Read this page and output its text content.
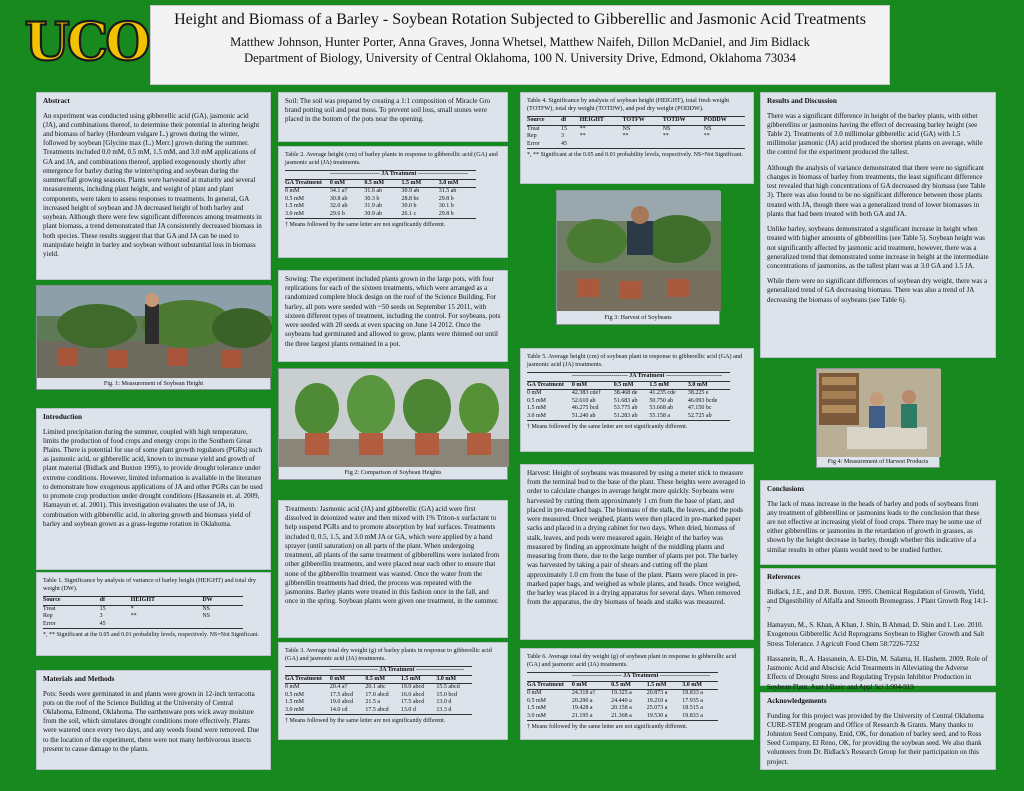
UCO	Height and Biomass of a Barley - Soybean Rotation Subjected to Gibberellic and Jasmonic Acid Treatments
Matthew Johnson, Hunter Porter, Anna Graves, Jonna Whetsel, Matthew Naifeh, Dillon McDaniel, and Jim Bidlack
Department of Biology, University of Central Oklahoma, 100 N. University Drive, Edmond, Oklahoma 73034
Abstract

An experiment was conducted using gibberellic acid (GA), jasmonic acid (JA), and combinations thereof, to determine their potential in altering height and biomass of barley (Hordeum vulgare L.) grown during the winter, followed by soybean [Glycine max (L.) Merr.] grown during the summer. Treatments included 0.0 mM, 0.5 mM, 1.5 mM, and 3.0 mM applications of GA and JA, and combinations thereof, applied exogenously shortly after emergence for barley during the winter/spring and soybean during the summer/fall growing seasons. Plants were harvested at maturity and several measurements, including plant height, and weight of plant and plant components, were taken to assess responses to treatments. In general, GA increased height of soybean and JA decreased height of both barley and soybean. Although there were few significant differences among treatments in plant biomass, a trend demonstrated that JA consistently decreased biomass in both species. These results suggest that that GA and JA can be used to manipulate height in barley and soybean without substantial loss in biomass yield.

Fig. 1: Measurement of Soybean Height
Introduction

Limited precipitation during the summer, coupled with high temperature, limits the production of food crops and energy crops in the Southern Great Plains. There is potential for use of some plant growth regulators (PGRs) such as jasmonic acid, or gibberellic acid, known to increase yield and growth of plant material (Bidlack and Buxton 1995), to provide drought tolerance under extreme conditions. However, limited information is available in the literature to demonstrate how exogenous applications of JA and other PGRs can be used to promote crop production under drought conditions (Hassanein et. al. 2009, Hamayun et. al. 2001). This investigation evaluates the use of JA, in combination with gibberellic acid, in altering growth and biomass yield of barley and soybean grown as a grass-legume rotation in Oklahoma.

Table 1. Significance by analysis of variance of barley height (HEIGHT) and total dry weight (DW).
Source	df	HEIGHT	DW
Treat	15	*	NS
Rep	3	**	NS
Error	45		
*, ** Significant at the 0.05 and 0.01 probability levels, respectively. NS=Not Significant.
Materials and Methods

Pots: Seeds were germinated in and plants were grown in 12-inch terracotta pots on the roof of the Science Building at the University of Central Oklahoma, Edmond, Oklahoma. The earthenware pots wick away moisture from the soil, which simulates drought conditions more effectively. Plants were watered once every two days, and any weeds found were removed. Due to the location of the experiment, there were not many herbivorous insects present to cause damage to the plants.

Soil: The soil was prepared by creating a 1:1 composition of Miracle Gro brand potting soil and peat moss. To prevent soil loss, small stones were placed in the bottom of the pots near the opening.

Table 2. Average height (cm) of barley plants in response to gibberellic acid (GA) and jasmonic acid (JA) treatments.
	------------------------- JA Treatment -------------------------			
GA Treatment	0 mM	0.5 mM	1.5 mM	3.0 mM
0 mM	34.1 a†	31.6 ab	30.9 ab	31.5 ab
0.5 mM	30.8 ab	30.3 b	28.8 bc	29.8 b
1.5 mM	32.0 ab	31.9 ab	30.0 b	30.1 b
3.0 mM	29.6 b	30.9 ab	26.1 c	29.8 b
† Means followed by the same letter are not significantly different.

Sowing: The experiment included plants grown in the large pots, with four replications for each of the sixteen treatments, which were arranged as a randomized complete block design on the roof of the Science Building. For barley, all pots were seeded with ~50 seeds on September 15 2011, with sixteen different types of treatment, including the control. For soybeans, pots were seeded with 20 seeds at even spacing on June 14 2012. Once the soybeans had germinated and allowed to grow, plants were thinned out until the three largest plants remained in a pot.

Fig 2: Comparison of Soybean Heights

Treatments: Jasmonic acid (JA) and gibberellic (GA) acid were first dissolved in deionized water and then mixed with 1% Triton-x surfactant to help suspend PGRs and to promote absorption by leaf surfaces. Treatments included 0, 0.5, 1.5, and 3.0 mM JA or GA, which were applied by a hand sprayer (until saturation) on all parts of the plant. When undergoing treatment, all plants of the same treatment of gibberellins were isolated from other gibberellin treatments, and were placed near each other to ensure that none of the gibberellin treatment was wasted. Once the water from the gibberellin treatments had dried, the process was repeated with the jasmonins. Barley plants were treated in this fashion once in the fall, and once in the spring. Soybean plants were given one treatment, in the summer.

Table 3. Average total dry weight (g) of barley plants in response to gibberellic acid (GA) and jasmonic acid (JA) treatments.
	------------------------ JA Treatment ------------------------			
GA Treatment	0 mM	0.5 mM	1.5 mM	3.0 mM
0 mM	20.4 a†	20.1 abc	19.0 abcd	15.5 abcd
0.5 mM	17.5 abcd	17.0 abcd	16.0 abcd	15.0 bcd
1.5 mM	19.0 abcd	21.5 a	17.5 abcd	13.0 d
3.0 mM	14.0 cd	17.5 abcd	13.0 d	13.3 d
† Means followed by the same letter are not significantly different.
Table 4. Significance by analysis of soybean height (HEIGHT), total fresh weight (TOTFW), total dry weight (TOTDW), and pod dry weight (PODDW).
Source	df	HEIGHT	TOTFW	TOTDW	PODDW
Treat	15	**	NS	NS	NS
Rep	3	**	**	**	**
Error	45				
*, ** Significant at the 0.05 and 0.01 probability levels, respectively. NS=Not Significant.
Fig 3: Harvest of Soybeans
Table 5. Average height (cm) of soybean plant in response to gibberellic acid (GA) and jasmonic acid (JA) treatments.
	---------------------------- JA Treatment ----------------------------			
GA Treatment	0 mM	0.5 mM	1.5 mM	3.0 mM
0 mM	42.383 cde†	38.468 de	41.235 cde	38.225 e
0.5 mM	52.610 ab	51.683 ab	50.750 ab	46.093 bcde
1.5 mM	46.275 bcd	53.775 ab	53.668 ab	47.150 bc
3.0 mM	51.240 ab	51.283 ab	55.158 a	52.725 ab
† Means followed by the same letter are not significantly different.

Harvest: Height of soybeans was measured by using a meter stick to measure from the terminal bud to the base of the plant. These heights were averaged in order to calculate changes in average height more quickly. Soybeans were harvested by cutting them approximately 1 cm from the base of plant, and placed in pre-marked bags. The biomass of the stalk, the leaves, and the pods were measured. Once weighed, plants were then placed in pre-marked paper sacks and placed in a drying cabinet for two days. When dried, biomass of stalk, leaves, and pods were measured again. Height of the barley was measured by finding an approximate height of the middling plants and measuring from there, due to the large number of plants per pot. The barley was harvested by taking a pair of shears and cutting off the plant approximately 1.0 cm from the base of the plant. Plants were placed in pre-marked paper bags, and weighed as whole plants, and heads. Once weighed, the barley was placed in a drying apparatus for several days. When removed from the apparatus, the dry biomass of heads and stalks was measured.

Table 6. Average total dry weight (g) of soybean plant in response to gibberellic acid (GA) and jasmonic acid (JA) treatments.
	------------------------- JA Treatment -------------------------			
GA Treatment	0 mM	0.5 mM	1.5 mM	3.0 mM
0 mM	24.318 a†	19.325 a	20.873 a	19.833 a
0.5 mM	20.290 a	24.440 a	19.210 a	17.935 a
1.5 mM	19.428 a	20.158 a	25.073 a	18.515 a
3.0 mM	21.195 a	21.368 a	19.530 a	19.833 a
† Means followed by the same letter are not significantly different.
Results and Discussion

There was a significant difference in height of the barley plants, with either gibberellins or jasmonins having the effect of decreasing barley height (see Table 2). Treatments of 3.0 millimolar gibberellic acid (GA) with 1.5 millimolar jasmonic (JA) acid produced the shortest plants on average, while the control for the experiment produced the tallest.

Although the analysis of variance demonstrated that there were no significant changes in biomass of barley from treatments, the least significant difference test revealed that high concentrations of GA decreased dry biomass (see Table 3). There was also found to be no significant difference between those plants treated with JA, though there was a generalized trend of lower biomasses in plants that had been treated with both GA and JA.

Unlike barley, soybeans demonstrated a significant increase in height when treated with higher amounts of gibberellins (see Table 5). Soybean height was not significantly affected by jasmonic acid treatment, however, there was a generalized trend that demonstrated some increase in height at the intermediate concentrations of jasmonins, as the tallest plant was at 3.0 GA and 1.5 JA.

While there were no significant differences of soybean dry weight, there was a generalized trend of GA decreasing biomass. There was also a trend of JA decreasing the biomass of soybeans (see Table 6).

Fig 4: Measurement of Harvest Products
Conclusions

The lack of mass increase in the heads of barley and pods of soybeans from any treatment of gibberellins or jasmonins leads to the conclusion that these are not effective at increasing yield of food crops. There may be some use of either gibberellins or jasmonins in the retardation of growth in grasses, as shown by the height decrease in barley, though whether this indicative of a similar results in other plants would need to be studied further.

References

Bidlack, J.E., and D.R. Buxton. 1995. Chemical Regulation of Growth, Yield, and Digestibility of Alfalfa and Smooth Bromegrass. J Plant Growth Reg 14:1-7

Hamayun, M., S. Khan, A Khan, J. Shin, B Ahmad, D. Shin and I. Lee. 2010. Exogenous Gibberellic Acid Reprograms Soybean to Higher Growth and Salt Stress Tolerance. J Agricult Food Chem 58:7226-7232

Hassanein, R., A. Hassanein, A. El-Din, M. Salama, H. Hashem. 2009. Role of Jasmonic Acid and Abscisic Acid Treatments in Alleviating the Adverse Effects of Drought Stress and Regulating Trypsin Inhibitor Production in Soybean Plant. Aust J Basic and Appl Sci 3:904-919

Acknowledgements

Funding for this project was provided by the University of Central Oklahoma CURE-STEM program and Office of Research & Grants. Many thanks to Johnston Seed Company, Enid, OK, for donation of barley seed, and to Ross Seed Company, El Reno, OK, for providing the soybean seed. We also thank volunteers from Dr. Bidlack's Research Group for their participation on this project.
